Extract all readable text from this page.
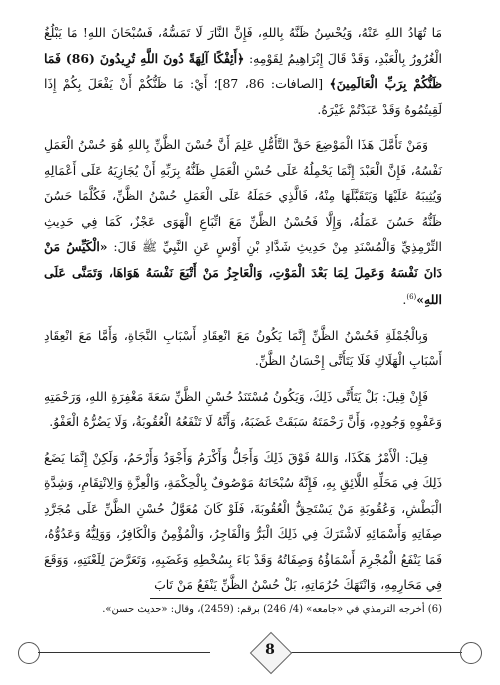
مَا تُهَادُ اللهِ عَنْهُ، وَيُحْسِنُ ظَنَّهُ بِاللهِ، فَإِنَّ النَّارَ لَا تَمَسُّهُ، فَسُبْحَانَ اللهِ! مَا يَبْلُغُ الْغُرُورُ بِالْعَبْدِ، وَقَدْ قَالَ إِبْرَاهِيمُ لِقَوْمِهِ: ﴿أَئِفْكًا آلِهَةً دُونَ اللَّهِ تُرِيدُونَ (86) فَمَا ظَنُّكُمْ بِرَبِّ الْعَالَمِينَ﴾ [الصافات: 86، 87]؛ أَيْ: مَا ظَنُّكُمْ أَنْ يَفْعَلَ بِكُمْ إِذَا لَقِيتُمُوهُ وَقَدْ عَبَدْتُمْ غَيْرَهُ.

وَمَنْ تَأَمَّلَ هَذَا الْمَوْضِعَ حَقَّ التَّأَمُّلِ عَلِمَ أَنَّ حُسْنَ الظَّنِّ بِاللهِ هُوَ حُسْنُ الْعَمَلِ نَفْسُهُ، فَإِنَّ الْعَبْدَ إِنَّمَا يَحْمِلُهُ عَلَى حُسْنِ الْعَمَلِ ظَنُّهُ بِرَبِّهِ أَنْ يُجَازِيَهُ عَلَى أَعْمَالِهِ وَيُثِيبَهُ عَلَيْهَا وَيَتَقَبَّلَهَا مِنْهُ، فَالَّذِي حَمَلَهُ عَلَى الْعَمَلِ حُسْنُ الظَّنِّ، فَكُلَّمَا حَسُنَ ظَنُّهُ حَسُنَ عَمَلُهُ، وَإِلَّا فَحُسْنُ الظَّنِّ مَعَ اتِّبَاعِ الْهَوَى عَجْزٌ، كَمَا فِي حَدِيثِ التِّرْمِذِيِّ وَالْمُسْنَدِ مِنْ حَدِيثِ شَدَّادِ بْنِ أَوْسٍ عَنِ النَّبِيِّ ﷺ قَالَ: «الْكَيِّسُ مَنْ دَانَ نَفْسَهُ وَعَمِلَ لِمَا بَعْدَ الْمَوْتِ، وَالْعَاجِزُ مَنْ أَتْبَعَ نَفْسَهُ هَوَاهَا، وَتَمَنَّى عَلَى اللهِ»$^{(6)}$.

وَبِالْجُمْلَةِ فَحُسْنُ الظَّنِّ إِنَّمَا يَكُونُ مَعَ انْعِقَادِ أَسْبَابِ النَّجَاةِ، وَأَمَّا مَعَ انْعِقَادِ أَسْبَابِ الْهَلَاكِ فَلَا يَتَأَتَّى إِحْسَانُ الظَّنِّ.

فَإِنْ قِيلَ: بَلْ يَتَأَتَّى ذَلِكَ، وَيَكُونُ مُسْتَنَدُ حُسْنِ الظَّنِّ سَعَةَ مَغْفِرَةِ اللهِ، وَرَحْمَتِهِ وَعَفْوِهِ وَجُودِهِ، وَأَنَّ رَحْمَتَهُ سَبَقَتْ غَضَبَهُ، وَأَنَّهُ لَا تَنْفَعُهُ الْعُقُوبَةُ، وَلَا يَضُرُّهُ الْعَفْوُ.

قِيلَ: الْأَمْرُ هَكَذَا، وَاللهُ فَوْقَ ذَلِكَ وَأَجَلُّ وَأَكْرَمُ وَأَجْوَدُ وَأَرْحَمُ، وَلَكِنْ إِنَّمَا يَضَعُ ذَلِكَ فِي مَحَلِّهِ اللَّائِقِ بِهِ، فَإِنَّهُ سُبْحَانَهُ مَوْصُوفٌ بِالْحِكْمَةِ، وَالْعِزَّةِ وَالِانْتِقَامِ، وَشِدَّةِ الْبَطْشِ، وَعُقُوبَةِ مَنْ يَسْتَحِقُّ الْعُقُوبَةَ، فَلَوْ كَانَ مُعَوَّلُ حُسْنِ الظَّنِّ عَلَى مُجَرَّدِ صِفَاتِهِ وَأَسْمَائِهِ لَاشْتَرَكَ فِي ذَلِكَ الْبَرُّ وَالْفَاجِرُ، وَالْمُؤْمِنُ وَالْكَافِرُ، وَوَلِيُّهُ وَعَدُوُّهُ، فَمَا يَنْفَعُ الْمُجْرِمَ أَسْمَاؤُهُ وَصِفَاتُهُ وَقَدْ بَاءَ بِسُخْطِهِ وَغَضَبِهِ، وَتَعَرَّضَ لِلَعْنَتِهِ، وَوَقَعَ فِي مَحَارِمِهِ، وَانْتَهَكَ حُرُمَاتِهِ، بَلْ حُسْنُ الظَّنِّ يَنْفَعُ مَنْ تَابَ

(6) أخرجه الترمذي في «جامعه» (4/ 246) برقم: (2459)، وقال: «حديث حسن».
8
